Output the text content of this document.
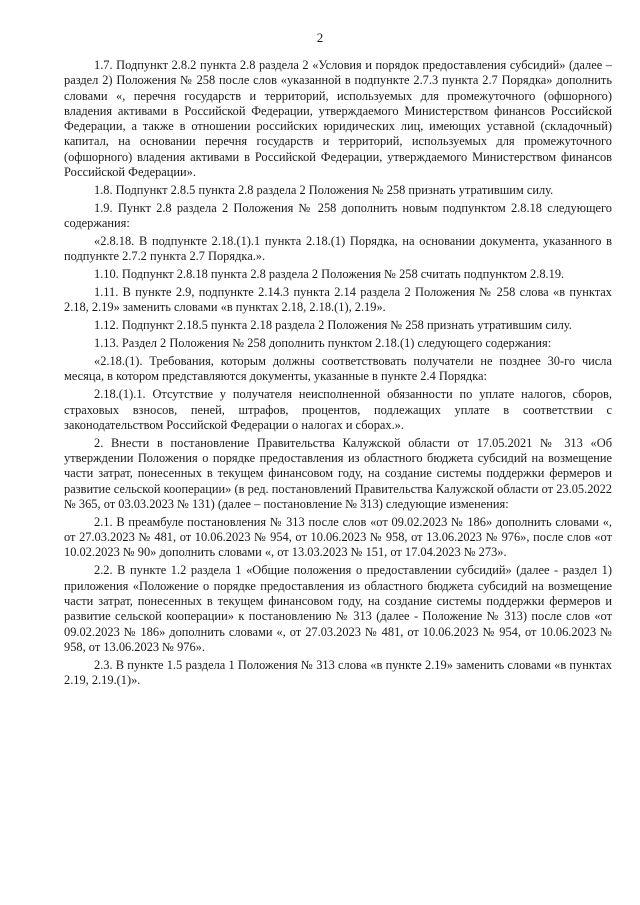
2

1.7. Подпункт 2.8.2 пункта 2.8 раздела 2 «Условия и порядок предоставления субсидий» (далее – раздел 2) Положения № 258 после слов «указанной в подпункте 2.7.3 пункта 2.7 Порядка» дополнить словами «, перечня государств и территорий, используемых для промежуточного (офшорного) владения активами в Российской Федерации, утверждаемого Министерством финансов Российской Федерации, а также в отношении российских юридических лиц, имеющих уставной (складочный) капитал, на основании перечня государств и территорий, используемых для промежуточного (офшорного) владения активами в Российской Федерации, утверждаемого Министерством финансов Российской Федерации».

1.8. Подпункт 2.8.5 пункта 2.8 раздела 2 Положения № 258 признать утратившим силу.

1.9. Пункт 2.8 раздела 2 Положения № 258 дополнить новым подпунктом 2.8.18 следующего содержания:

«2.8.18. В подпункте 2.18.(1).1 пункта 2.18.(1) Порядка, на основании документа, указанного в подпункте 2.7.2 пункта 2.7 Порядка.».

1.10. Подпункт 2.8.18 пункта 2.8 раздела 2 Положения № 258 считать подпунктом 2.8.19.

1.11. В пункте 2.9, подпункте 2.14.3 пункта 2.14 раздела 2 Положения № 258 слова «в пунктах 2.18, 2.19» заменить словами «в пунктах 2.18, 2.18.(1), 2.19».

1.12. Подпункт 2.18.5 пункта 2.18 раздела 2 Положения № 258 признать утратившим силу.

1.13. Раздел 2 Положения № 258 дополнить пунктом 2.18.(1) следующего содержания:

«2.18.(1). Требования, которым должны соответствовать получатели не позднее 30-го числа месяца, в котором представляются документы, указанные в пункте 2.4 Порядка:

2.18.(1).1. Отсутствие у получателя неисполненной обязанности по уплате налогов, сборов, страховых взносов, пеней, штрафов, процентов, подлежащих уплате в соответствии с законодательством Российской Федерации о налогах и сборах.».

2. Внести в постановление Правительства Калужской области от 17.05.2021 № 313 «Об утверждении Положения о порядке предоставления из областного бюджета субсидий на возмещение части затрат, понесенных в текущем финансовом году, на создание системы поддержки фермеров и развитие сельской кооперации» (в ред. постановлений Правительства Калужской области от 23.05.2022 № 365, от 03.03.2023 № 131) (далее – постановление № 313) следующие изменения:

2.1. В преамбуле постановления № 313 после слов «от 09.02.2023 № 186» дополнить словами «, от 27.03.2023 № 481, от 10.06.2023 № 954, от 10.06.2023 № 958, от 13.06.2023 № 976», после слов «от 10.02.2023 № 90» дополнить словами «, от 13.03.2023 № 151, от 17.04.2023 № 273».

2.2. В пункте 1.2 раздела 1 «Общие положения о предоставлении субсидий» (далее - раздел 1) приложения «Положение о порядке предоставления из областного бюджета субсидий на возмещение части затрат, понесенных в текущем финансовом году, на создание системы поддержки фермеров и развитие сельской кооперации» к постановлению № 313 (далее - Положение № 313) после слов «от 09.02.2023 № 186» дополнить словами «, от 27.03.2023 № 481, от 10.06.2023 № 954, от 10.06.2023 № 958, от 13.06.2023 № 976».

2.3. В пункте 1.5 раздела 1 Положения № 313 слова «в пункте 2.19» заменить словами «в пунктах 2.19, 2.19.(1)».
